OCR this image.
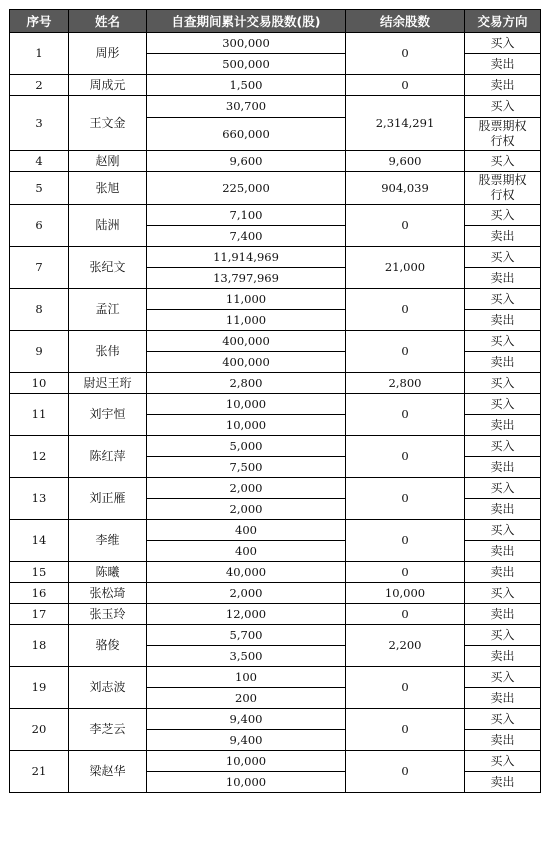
序号	姓名	自查期间累计交易股数(股)	结余股数	交易方向
1	周彤	300,000	0	买入
		500,000		卖出
2	周成元	1,500	0	卖出
3	王文金	30,700	2,314,291	买入
		660,000		股票期权行权
4	赵刚	9,600	9,600	买入
5	张旭	225,000	904,039	股票期权行权
6	陆洲	7,100	0	买入
		7,400		卖出
7	张纪文	11,914,969	21,000	买入
		13,797,969		卖出
8	孟江	11,000	0	买入
		11,000		卖出
9	张伟	400,000	0	买入
		400,000		卖出
10	尉迟王珩	2,800	2,800	买入
11	刘宇恒	10,000	0	买入
		10,000		卖出
12	陈红萍	5,000	0	买入
		7,500		卖出
13	刘正雁	2,000	0	买入
		2,000		卖出
14	李维	400	0	买入
		400		卖出
15	陈曦	40,000	0	卖出
16	张松琦	2,000	10,000	买入
17	张玉玲	12,000	0	卖出
18	骆俊	5,700	2,200	买入
		3,500		卖出
19	刘志波	100	0	买入
		200		卖出
20	李芝云	9,400	0	买入
		9,400		卖出
21	梁赵华	10,000	0	买入
		10,000		卖出
